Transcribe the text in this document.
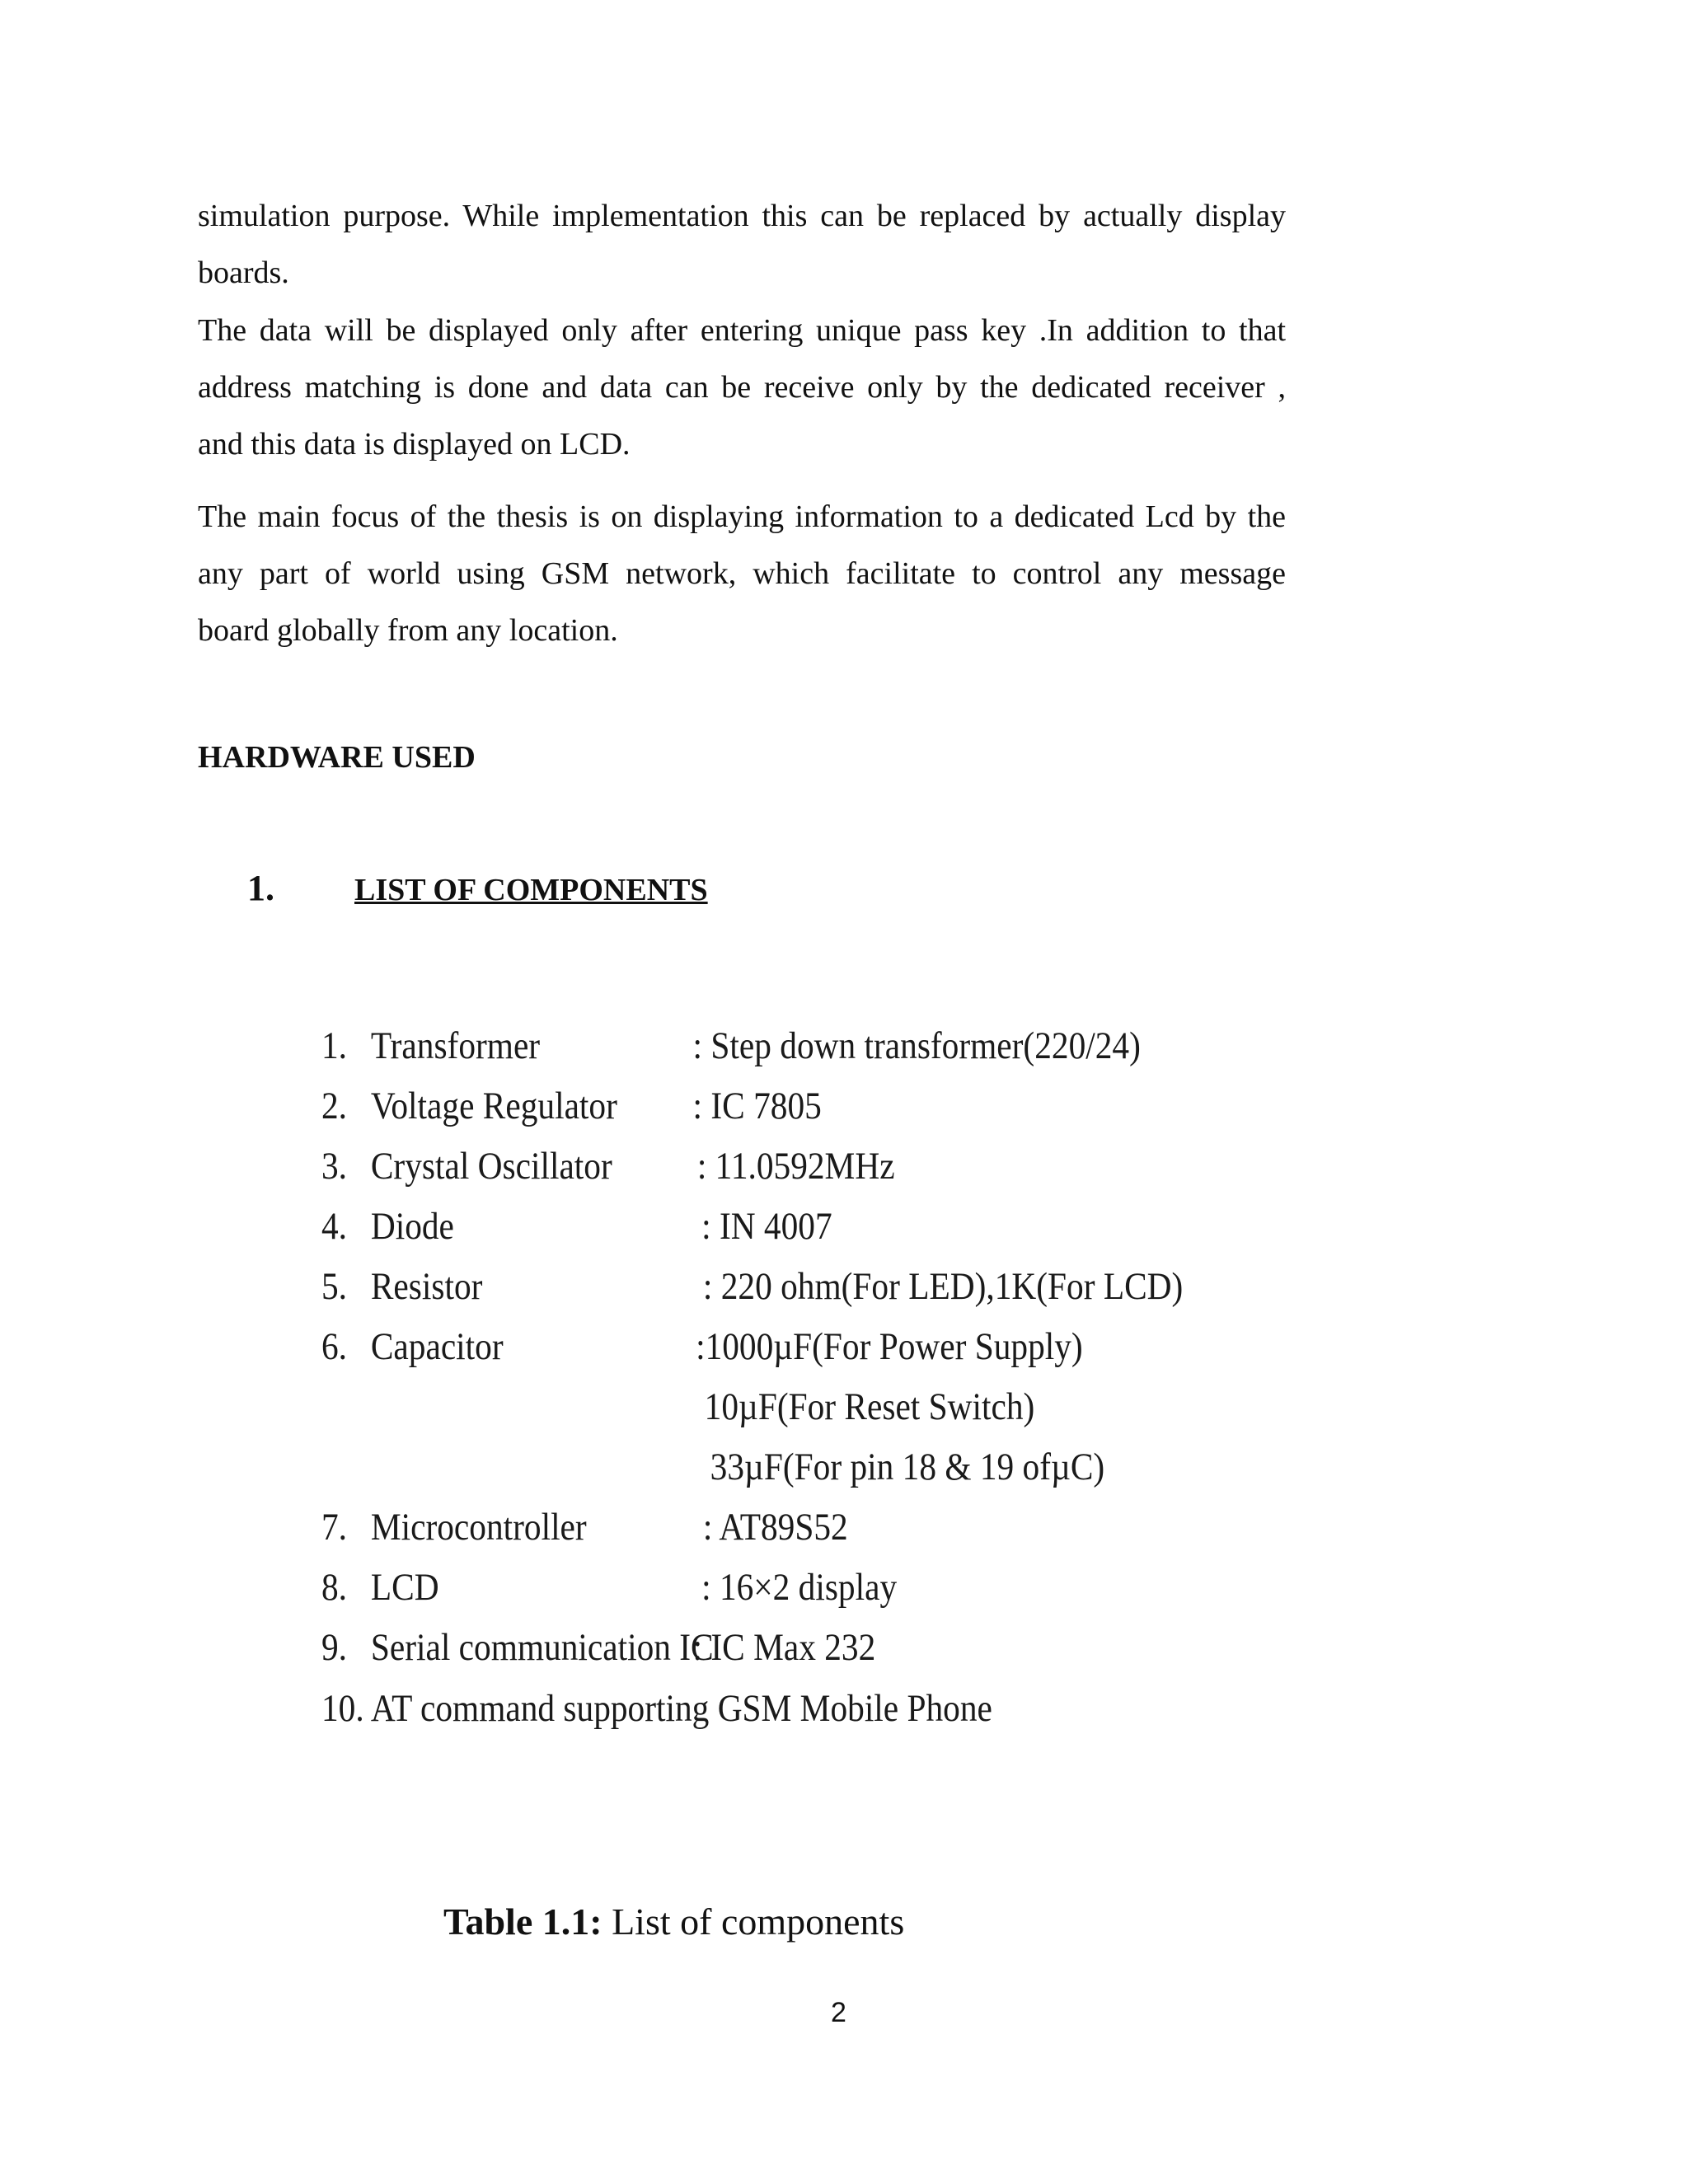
simulation purpose. While implementation this can be replaced by actually display
boards.
The data will be displayed only after entering unique pass key .In addition to that
address matching is done and data can be receive only by the dedicated receiver ,
and this data is displayed on LCD.
The main focus of the thesis is on displaying information to a dedicated Lcd by the
any part of world using GSM network, which facilitate to control any message
board globally from any location.
HARDWARE USED
1.	LIST OF COMPONENTS
1. Transformer	: Step down transformer(220/24)
2. Voltage Regulator : IC 7805
3. Crystal Oscillator : 11.0592MHz
4. Diode	: IN 4007
5. Resistor	: 220 ohm(For LED),1K(For LCD)
6. Capacitor	:1000µF(For Power Supply)
10µF(For Reset Switch)
33µF(For pin 18 & 19 ofµC)
7. Microcontroller	: AT89S52
8. LCD	: 16×2 display
9. Serial communication IC
: IC Max 232
10. AT command supporting GSM Mobile Phone
Table 1.1: List of components
2
